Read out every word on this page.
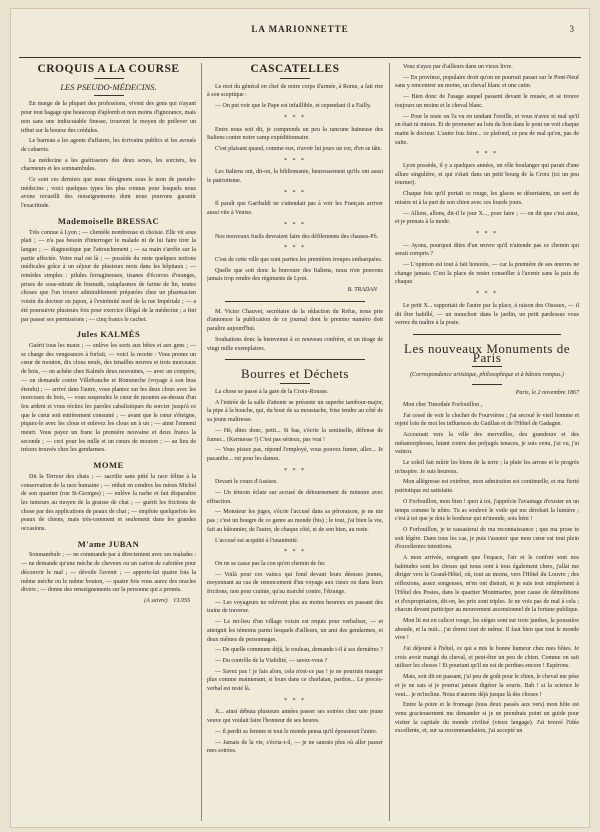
LA MARIONNETTE	3
CROQUIS A LA COURSE
LES PSEUDO-MÉDECINS.

En marge de la plupart des professions, vivent des gens qui n'ayant pour tout bagage que beaucoup d'aplomb et non moins d'ignorance, mais non sans une indiscutable finesse, trouvent le moyen de prélever un tribut sur la bourse des crédules.

Le barreau a les agents d'affaires, les écrivains publics et les avoués de cabarets.

La médecine a les guérisseurs des deux sexes, les sorciers, les charmeurs et les somnambules.

Ce sont ces derniers que nous désignons sous le nom de pseudo-médecins ; voici quelques types les plus connus pour lesquels nous avons recueilli des renseignements dont nous pouvons garantir l'exactitude.

Mademoiselle BRESSAC

Très connue à Lyon ; — clientèle nombreuse et choisie. Elle vit sous plait ; — n'a pas besoin d'interroger le malade ni de lui faire tirer la langue ; — diagnostique par l'attouchement ; — sa main s'arrête sur la partie affectée. Votre mal est là ; — possède du reste quelques notions médicales grâce à un séjour de plusieurs mois dans les hôpitaux ; — remèdes simples : pilules ferrugineuses, tisanes d'écorces d'oranges, prises de sous-nitrate de bismuth, cataplasmes de farine de lin, toutes choses que l'on trouve admirablement préparées chez un pharmacien voisin du docteur en jupon, à l'extrémité nord de la rue Impériale ; — a été poursuivie plusieurs fois pour exercice illégal de la médecine ; a fini par passer ses permissions ; — cinq francs le cachet.

Jules KALMÈS

Guérit tous les maux ; — enlève les sorts aux bêtes et aux gens ; — se charge des vengeances à forfait, — voici la recette : Vous prenez un cœur de mouton, dix clous neufs, des tenailles neuves et trois morceaux de bois, — on achète chez Kalmès deux neuvaines, — avec un compère, — on demande contre Villefranche et Rommeche (voyage à son bras étendu) ; — arrivé dans l'autre, vous plantez sur les deux clous avec les morceaux de bois, — vous suspendez le cœur de mouton au-dessus d'un feu ardent et vous récitez les paroles cabalistiques du sorcier jusqu'à ce que le cœur soit entièrement consumé ; — avant que le cœur s'éteigne, piquez-le avec les clous et enlevez les clous un à un ; — ainsi l'ennemi meurt. Vous payez un franc la première neuvaine et deux francs la seconde ; — ceci pour les mille et un cœurs de mouton ; — au lieu de trésors trouvés chez les gendarmes.

MOME

Dit la Terreur des chats ; — sacrifie sans pitié la race féline à la conservation de la race humaine ; — réduit en cendres les mères Michel de son quartier (rue St-Georges) ; — enlève la rache et fait disparaître les tumeurs au moyen de la graisse de chat ; — guérit les frictions de chose par des applications de peaux de chat ; — emploie quelquefois les peaux de chiens, mais très-rarement et seulement dans les grandes occasions.

M'ame JUBAN

Somnambule ; — ne commande par à directement avec ses malades : — ne demande qu'une mèche de cheveux ou un carton de cafetière pour découvrir le mal ; — dévoile l'avenir ; — apporte-lui quatre fois la même mèche ou le même bouton, — quatre fois vous aurez des oracles divers ; — donne des renseignements sur la personne qui a promis.

(A suivre) CUISS
CASCATELLES

Le mot du général en chef de notre corps d'armée, à Rome, a fait rire à son sceptique :

— On put voir que le Pape est infaillible, et cependant il a Failly.

* * *

Entre nous soit dit, je comprends un peu la rancune haineuse des Italiens contre notre camp expéditionnaire.

C'est plaisant quand, comme eux, n'avoir lui jours un cor, d'en se tâte.

* * *

Les Italiens ont, dit-on, la bibliomanie, heureusement qu'ils ont aussi le patriotisme.

* * *

Il paraît que Garibaldi ne s'attendait pas à voir les Français arriver aussi vite à Venise.

* * *

Nos nouveaux fusils devraient faire des défilements des chasses-Pô.

* * *

C'est de cette ville que sont parties les premières troupes embarquées.

Quelle que soit donc la bravoure des Italiens, nous n'en pouvons jamais trop rendre des régiments de Lyon.

B. TRADAN

M. Victor Chauvet, secrétaire de la rédaction du Refus, nous prie d'annoncer la publication de ce journal dont le premier numéro doit paraître aujourd'hui.

Souhaitons donc la bienvenue à ce nouveau confrère, et un tirage de vingt mille exemplaires.

Bourres et Déchets

La chose se passe à la gare de la Croix-Rousse.

A l'entrée de la salle d'attente se présente un superbe tambour-major, la pipe à la bouche, qui, du bout de sa moustache, frise tendre au côté de sa jeune maîtresse.

— Hé, dites donc, petit... Si bas, s'écrie la sentinelle, défense de fumer... (Kermesse !) C'est pas sérieux, pas vrai !

— Vous pissez pas, répond l'employé, vous pouvez fumer, allez... Je pacanthe... rut pour les dames.

* * *

Devant le cours d'Assises.

— Un témoin éclate sur accusé de détournement de mineure avec effraction.

— Monsieur les juges, s'écrie l'accusé dans sa péroraison, je ne nie pas ; c'est un bougre de ce genre au monde (bis) ; le tout, j'ai bien la vie, fait au bâtonnier, de l'autre, de chaque côté, et de son bien, au reste.

L'accusé est acquitté à l'unanimité.

* * *

On ne se casse pas la cou qu'en chemin de fer.

— Voilà pour ces vaincs qui fond devant leurs déesses jeunes, moyennant au cas de renoncement d'un voyage aux cieux ou dans leurs frictions, non pour crainte, qu'au marché contre, l'étrange.

— Les voyageurs ne relèvent plus au moins heureux en passant des trains de traverse.

— Le mi-lieu d'un village voisin est requis pour verbaliser, — et atteignit les témoins parmi lesquels d'ailleurs, un ami des gendarmes, et deux mêmes de personnages.

— De quelle commune déjà, le rouleau, demande t-il à ses dernières ?

— Du contrôle de la Viabilité, — savez-vous ?

— Savez pas ! je fais alors, cela n'est-ce pas ! je ne pourrais manger plus comme maintenant, si leurs dans ce charlatan, pardon... Le procès-verbal est resté là.

* * *

X... ainsi débuta plusieurs années passer ses soirées chez une jeune veuve qui voulait faire l'honneur de ses heures.

— il perdit sa femme et tout le monde pensa qu'il épouserait l'autre.

— Jamais de la vie, s'écria-t-il, — je ne saurais plus où aller passer mes soirées.

Vous n'ayez par d'ailleurs dans un vieux livre.

— En province, populaire droit qu'on ne pourrait passer sur le Pont-Neuf sans y rencontrer un moine, un cheval blanc et une catin.

— Bien donc de l'usage auquel passent devant le musée, et se trouve toujours un moine et le cheval blanc.

— Pour le reste on l'a vu en tendant l'oreille, et vous n'avez ni mal qu'il en était ni mieux. Et de promener au loin du lion dans le pont on voit chaque matin le docteur. L'autre fois faire... ce plafond, ce peu de mal qu'on, pas de suite.

* * *

Lyon possède, il y a quelques années, un rôle boulanger qui parait d'une allure singulière, et qui s'était dans un petit bourg de la Croix (ici un peu tourner).

Chaque fois qu'il portait ce rouge, les glaces se désertaient, un sort de misère ni à la part de son chien avec ces lourds jours.

— Allons, allons, dit-il le jour X..., pour faire ; — on dit que c'est ainsi, et je prenais à la mode.

* * *

— Ayons, pourquoi dites d'un œuvre qu'il n'attende pas ce chemin qui serait compris ?

— L'opinion est tout à fait honorée, — car la première de ses œuvres ne change jamais. C'est la place de rester conseiller à l'avenir sans la paix de chaque.

* * *

Le petit X... rapportait de l'autre par la place, à raison des Oiseaux, — il dit être habillé, — un mouchoir dans le jardin, un petit pardessus vous verrez du maître à la poste.

Les nouveaux Monuments de Paris
(Correspondance artistique, philosophique et à bâtons rompus.)
Paris, le 2 novembre 1867

Mon cher Timothée Forfouillon ,

J'ai cessé de voir le clocher de Fourvières ; j'ai secoué le vieil homme et rejeté loin de moi les influences du Gatillan et de l'Hôtel de Gadagne.

Accourant vers la ville des merveilles, des grandeurs et des métamorphoses, lutant contre des préjugés tenaces, je suis venu, j'ai vu, j'ai vaincu.

Le soleil fait mûrir les biens de la terre ; la pluie les arrose et le progrès m'inspire. Je suis heureux.

Mon allégresse est extrême, mon admiration est continuelle, et ma fierté patriotique est satisfaite.

O Forfouillon, mon bien ! quoi à toi, j'apprécie l'avantage d'exister en un temps comme le nôtre. Tu as soulevé le voile qui me dérobait la lumière ; c'est à toi que je dois le bonheur qui m'inonde, sois béni !

O Forfouillon, je te rassasierai de ma reconnaissance ; que ma prose te soit légère. Dans tous les cas, je puis t'assurer que mon cœur est tout plein d'excellentes intentions.

A mon arrivée, songeant que l'espace, l'air et le confort sont nos habitudes sont les choses qui nous sont à tous également chers, j'allai me diriger vers le Grand-Hôtel, où, tout au moins, vers l'Hôtel du Louvre ; des réflexions, assez songeuses, m'en ont distrait, et je suis tout simplement à l'Hôtel des Postes, dans le quartier Montmartre, pour cause de démolitions et d'expropriation, dit-on, les prix sont triples. Je ne vois pas de mal à cela ; chacun devant participer au mouvement ascensionnel de la fortune publique.

Mon lit est en calicot rouge, les sièges sont sur trois jambes, la poussière abonde, et la nuit... j'ai dormi tout de même. Il faut bien que tout le monde vive !

J'ai déjeuné à l'hôtel, ce qui a mis le bonne humeur chez mes hôtes. Je crois avoir mangé du cheval, et peut-être un peu de chien. Comme on sait utiliser les choses ! Et pourtant qu'il en est de perdues encore ! Espérons.

Mais, soit dit en passant, j'ai peu de goût pour le chien, le cheval me pèse et je ne sais si je pourrai jamais digérer la souris. Bah ! si la science le veut... je m'incline. Nous n'aurons déjà jusque là des choses !

Entre la poire et le fromage (tous deux passés aux vers) mon hôte est venu gracieusement me demander si je ne prendrais point un guide pour visiter la capitale du monde civilisé (vieux langage). J'ai trouvé l'idée excellente, et, sur sa recommandation, j'ai accepté un
